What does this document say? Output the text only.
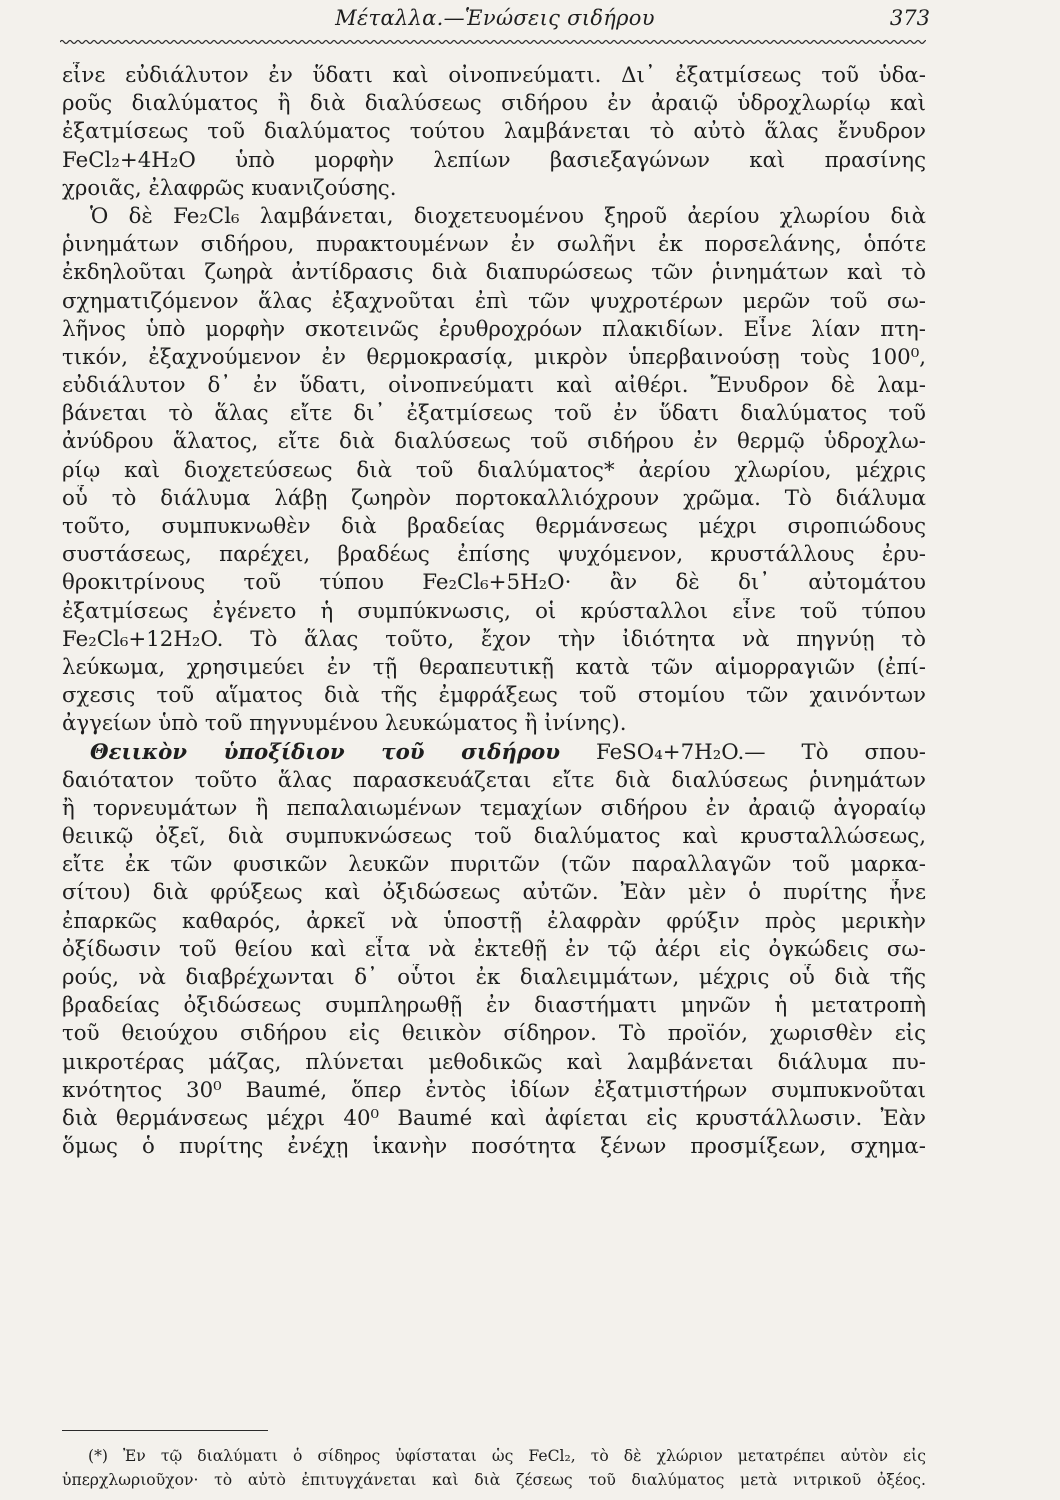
Μέταλλα.—Ἑνώσεις σιδήρου	373
εἶνε εὐδιάλυτον ἐν ὕδατι καὶ οἰνοπνεύματι. Δι᾿ ἐξατμίσεως τοῦ ὑδα-
ροῦς διαλύματος ἢ διὰ διαλύσεως σιδήρου ἐν ἀραιῷ ὑδροχλωρίῳ καὶ
ἐξατμίσεως τοῦ διαλύματος τούτου λαμβάνεται τὸ αὐτὸ ἅλας ἔνυδρον
FeCl₂+4H₂O ὑπὸ μορφὴν λεπίων βασιεξαγώνων καὶ πρασίνης
χροιᾶς, ἐλαφρῶς κυανιζούσης.
Ὁ δὲ Fe₂Cl₆ λαμβάνεται, διοχετευομένου ξηροῦ ἀερίου χλωρίου διὰ
ῥινημάτων σιδήρου, πυρακτουμένων ἐν σωλῆνι ἐκ πορσελάνης, ὁπότε
ἐκδηλοῦται ζωηρὰ ἀντίδρασις διὰ διαπυρώσεως τῶν ῥινημάτων καὶ τὸ
σχηματιζόμενον ἅλας ἐξαχνοῦται ἐπὶ τῶν ψυχροτέρων μερῶν τοῦ σω-
λῆνος ὑπὸ μορφὴν σκοτεινῶς ἐρυθροχρόων πλακιδίων. Εἶνε λίαν πτη-
τικόν, ἐξαχνούμενον ἐν θερμοκρασίᾳ, μικρὸν ὑπερβαινούσῃ τοὺς 100⁰,
εὐδιάλυτον δ᾿ ἐν ὕδατι, οἰνοπνεύματι καὶ αἰθέρι. Ἔνυδρον δὲ λαμ-
βάνεται τὸ ἅλας εἴτε δι᾿ ἐξατμίσεως τοῦ ἐν ὕδατι διαλύματος τοῦ
ἀνύδρου ἅλατος, εἴτε διὰ διαλύσεως τοῦ σιδήρου ἐν θερμῷ ὑδροχλω-
ρίῳ καὶ διοχετεύσεως διὰ τοῦ διαλύματος* ἀερίου χλωρίου, μέχρις
οὗ τὸ διάλυμα λάβῃ ζωηρὸν πορτοκαλλιόχρουν χρῶμα. Τὸ διάλυμα
τοῦτο, συμπυκνωθὲν διὰ βραδείας θερμάνσεως μέχρι σιροπιώδους
συστάσεως, παρέχει, βραδέως ἐπίσης ψυχόμενον, κρυστάλλους ἐρυ-
θροκιτρίνους τοῦ τύπου Fe₂Cl₆+5H₂O· ἂν δὲ δι᾿ αὐτομάτου
ἐξατμίσεως ἐγένετο ἡ συμπύκνωσις, οἱ κρύσταλλοι εἶνε τοῦ τύπου
Fe₂Cl₆+12H₂O. Τὸ ἅλας τοῦτο, ἔχον τὴν ἰδιότητα νὰ πηγνύῃ τὸ
λεύκωμα, χρησιμεύει ἐν τῇ θεραπευτικῇ κατὰ τῶν αἱμορραγιῶν (ἐπί-
σχεσις τοῦ αἵματος διὰ τῆς ἐμφράξεως τοῦ στομίου τῶν χαινόντων
ἀγγείων ὑπὸ τοῦ πηγνυμένου λευκώματος ἢ ἰνίνης).
Θειικὸν ὑποξίδιον τοῦ σιδήρου FeSO₄+7H₂O.— Τὸ σπου-
δαιότατον τοῦτο ἅλας παρασκευάζεται εἴτε διὰ διαλύσεως ῥινημάτων
ἢ τορνευμάτων ἢ πεπαλαιωμένων τεμαχίων σιδήρου ἐν ἀραιῷ ἀγοραίῳ
θειικῷ ὀξεῖ, διὰ συμπυκνώσεως τοῦ διαλύματος καὶ κρυσταλλώσεως,
εἴτε ἐκ τῶν φυσικῶν λευκῶν πυριτῶν (τῶν παραλλαγῶν τοῦ μαρκα-
σίτου) διὰ φρύξεως καὶ ὀξιδώσεως αὐτῶν. Ἐὰν μὲν ὁ πυρίτης ἦνε
ἐπαρκῶς καθαρός, ἀρκεῖ νὰ ὑποστῇ ἐλαφρὰν φρύξιν πρὸς μερικὴν
ὀξίδωσιν τοῦ θείου καὶ εἶτα νὰ ἐκτεθῇ ἐν τῷ ἀέρι εἰς ὀγκώδεις σω-
ρούς, νὰ διαβρέχωνται δ᾿ οὗτοι ἐκ διαλειμμάτων, μέχρις οὗ διὰ τῆς
βραδείας ὀξιδώσεως συμπληρωθῇ ἐν διαστήματι μηνῶν ἡ μετατροπὴ
τοῦ θειούχου σιδήρου εἰς θειικὸν σίδηρον. Τὸ προϊόν, χωρισθὲν εἰς
μικροτέρας μάζας, πλύνεται μεθοδικῶς καὶ λαμβάνεται διάλυμα πυ-
κνότητος 30⁰ Baumé, ὅπερ ἐντὸς ἰδίων ἐξατμιστήρων συμπυκνοῦται
διὰ θερμάνσεως μέχρι 40⁰ Baumé καὶ ἀφίεται εἰς κρυστάλλωσιν. Ἐὰν
ὅμως ὁ πυρίτης ἐνέχῃ ἱκανὴν ποσότητα ξένων προσμίξεων, σχημα-
(*) Ἐν τῷ διαλύματι ὁ σίδηρος ὑφίσταται ὡς FeCl₂, τὸ δὲ χλώριον μετατρέπει αὐτὸν εἰς
ὑπερχλωριοῦχον· τὸ αὐτὸ ἐπιτυγχάνεται καὶ διὰ ζέσεως τοῦ διαλύματος μετὰ νιτρικοῦ ὀξέος.
